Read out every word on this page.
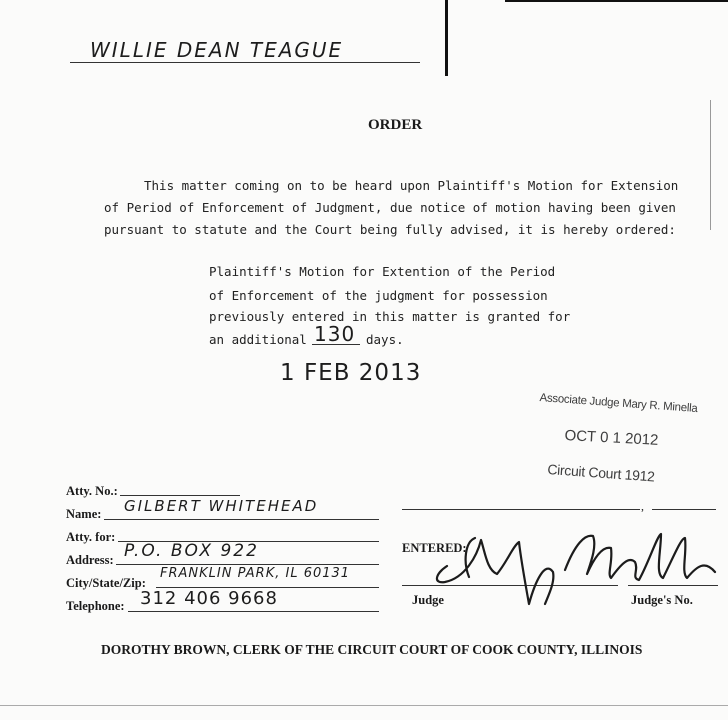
WILLIE DEAN TEAGUE
ORDER
This matter coming on to be heard upon Plaintiff's Motion for Extension
of Period of Enforcement of Judgment, due notice of motion having been given
pursuant to statute and the Court being fully advised, it is hereby ordered:
Plaintiff's Motion for Extention of the Period
of Enforcement of the judgment for possession
previously entered in this matter is granted for
an additional 130 days.
1 FEB 2013
Associate Judge Mary R. Minella
OCT 0 1 2012
Circuit Court 1912
Atty. No.:
Name: GILBERT WHITEHEAD
Atty. for:
Address: P.O. BOX 922
City/State/Zip:
FRANKLIN PARK, IL 60131
Telephone: 312 406 9668
,
ENTERED:
Judge	Judge's No.
DOROTHY BROWN, CLERK OF THE CIRCUIT COURT OF COOK COUNTY, ILLINOIS
